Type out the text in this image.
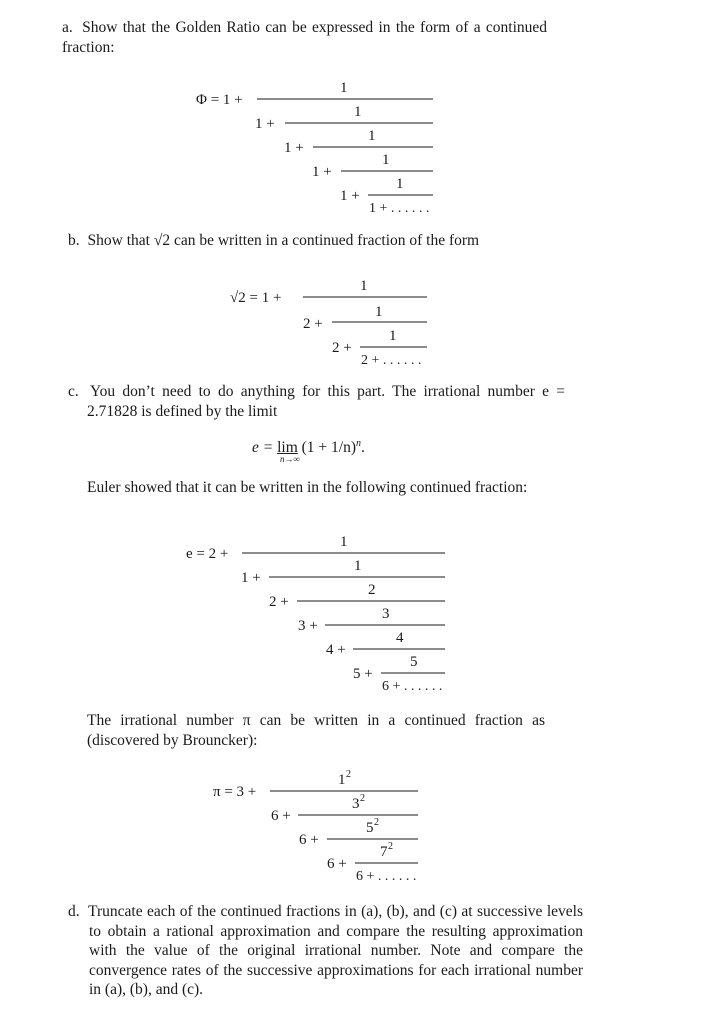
a. Show that the Golden Ratio can be expressed in the form of a continued fraction:

Φ = 1 +
1
1 +
1
1 +
1
1 +
1
1 +
1
1 + . . . . . .

b. Show that √2 can be written in a continued fraction of the form

√2 = 1 +
1
2 +
1
2 +
1
2 + . . . . . .

c. You don’t need to do anything for this part. The irrational number e = 2.71828 is defined by the limit

$e = \lim (1 + 1/n)^n$.
n→∞

Euler showed that it can be written in the following continued fraction:

e = 2 +
1
1 +
1
2 +
2
3 +
3
4 +
4
5 +
5
6 + . . . . . .

The irrational number π can be written in a continued fraction as (discovered by Brouncker):

π = 3 +
1 2
6 +
3 2
6 +
5 2
6 +
7 2
6 + . . . . . .

d. Truncate each of the continued fractions in (a), (b), and (c) at successive levels to obtain a rational approximation and compare the resulting approximation with the value of the original irrational number. Note and compare the convergence rates of the successive approximations for each irrational number in (a), (b), and (c).
